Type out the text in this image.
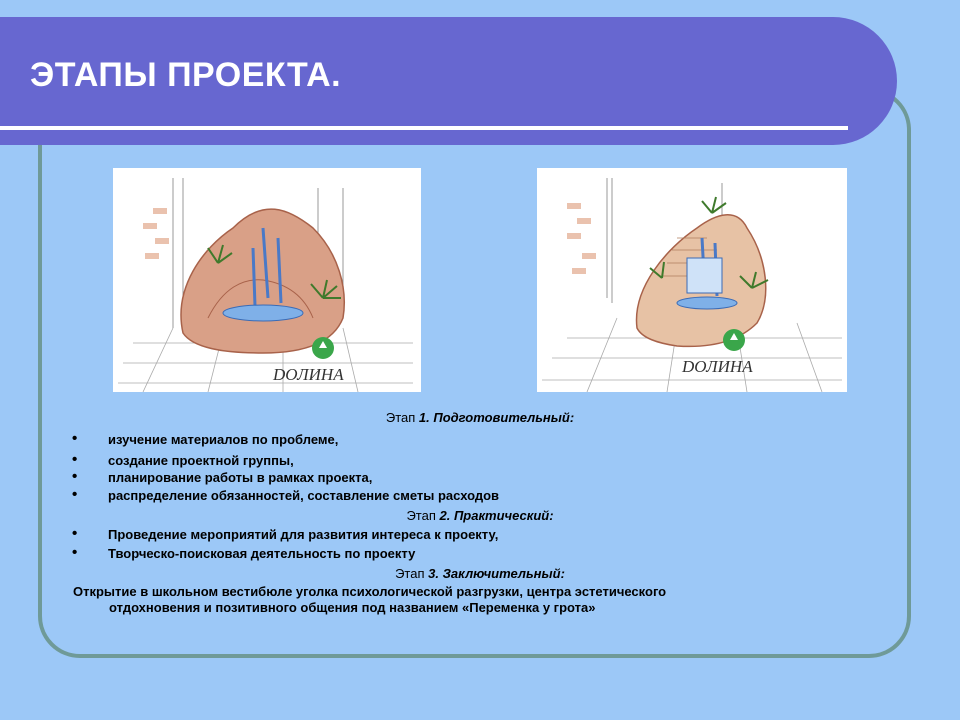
ЭТАПЫ ПРОЕКТА.
DОЛИНА	DОЛИНА
Этап 1. Подготовительный:
• изучение материалов по проблеме,
• создание проектной группы,
• планирование работы в рамках проекта,
• распределение обязанностей, составление сметы расходов
Этап 2. Практический:
• Проведение мероприятий для развития интереса к проекту,
• Творческо-поисковая деятельность по проекту
Этап 3. Заключительный:
Открытие в школьном вестибюле уголка психологической разгрузки, центра эстетического
отдохновения и позитивного общения под названием «Переменка у грота»
